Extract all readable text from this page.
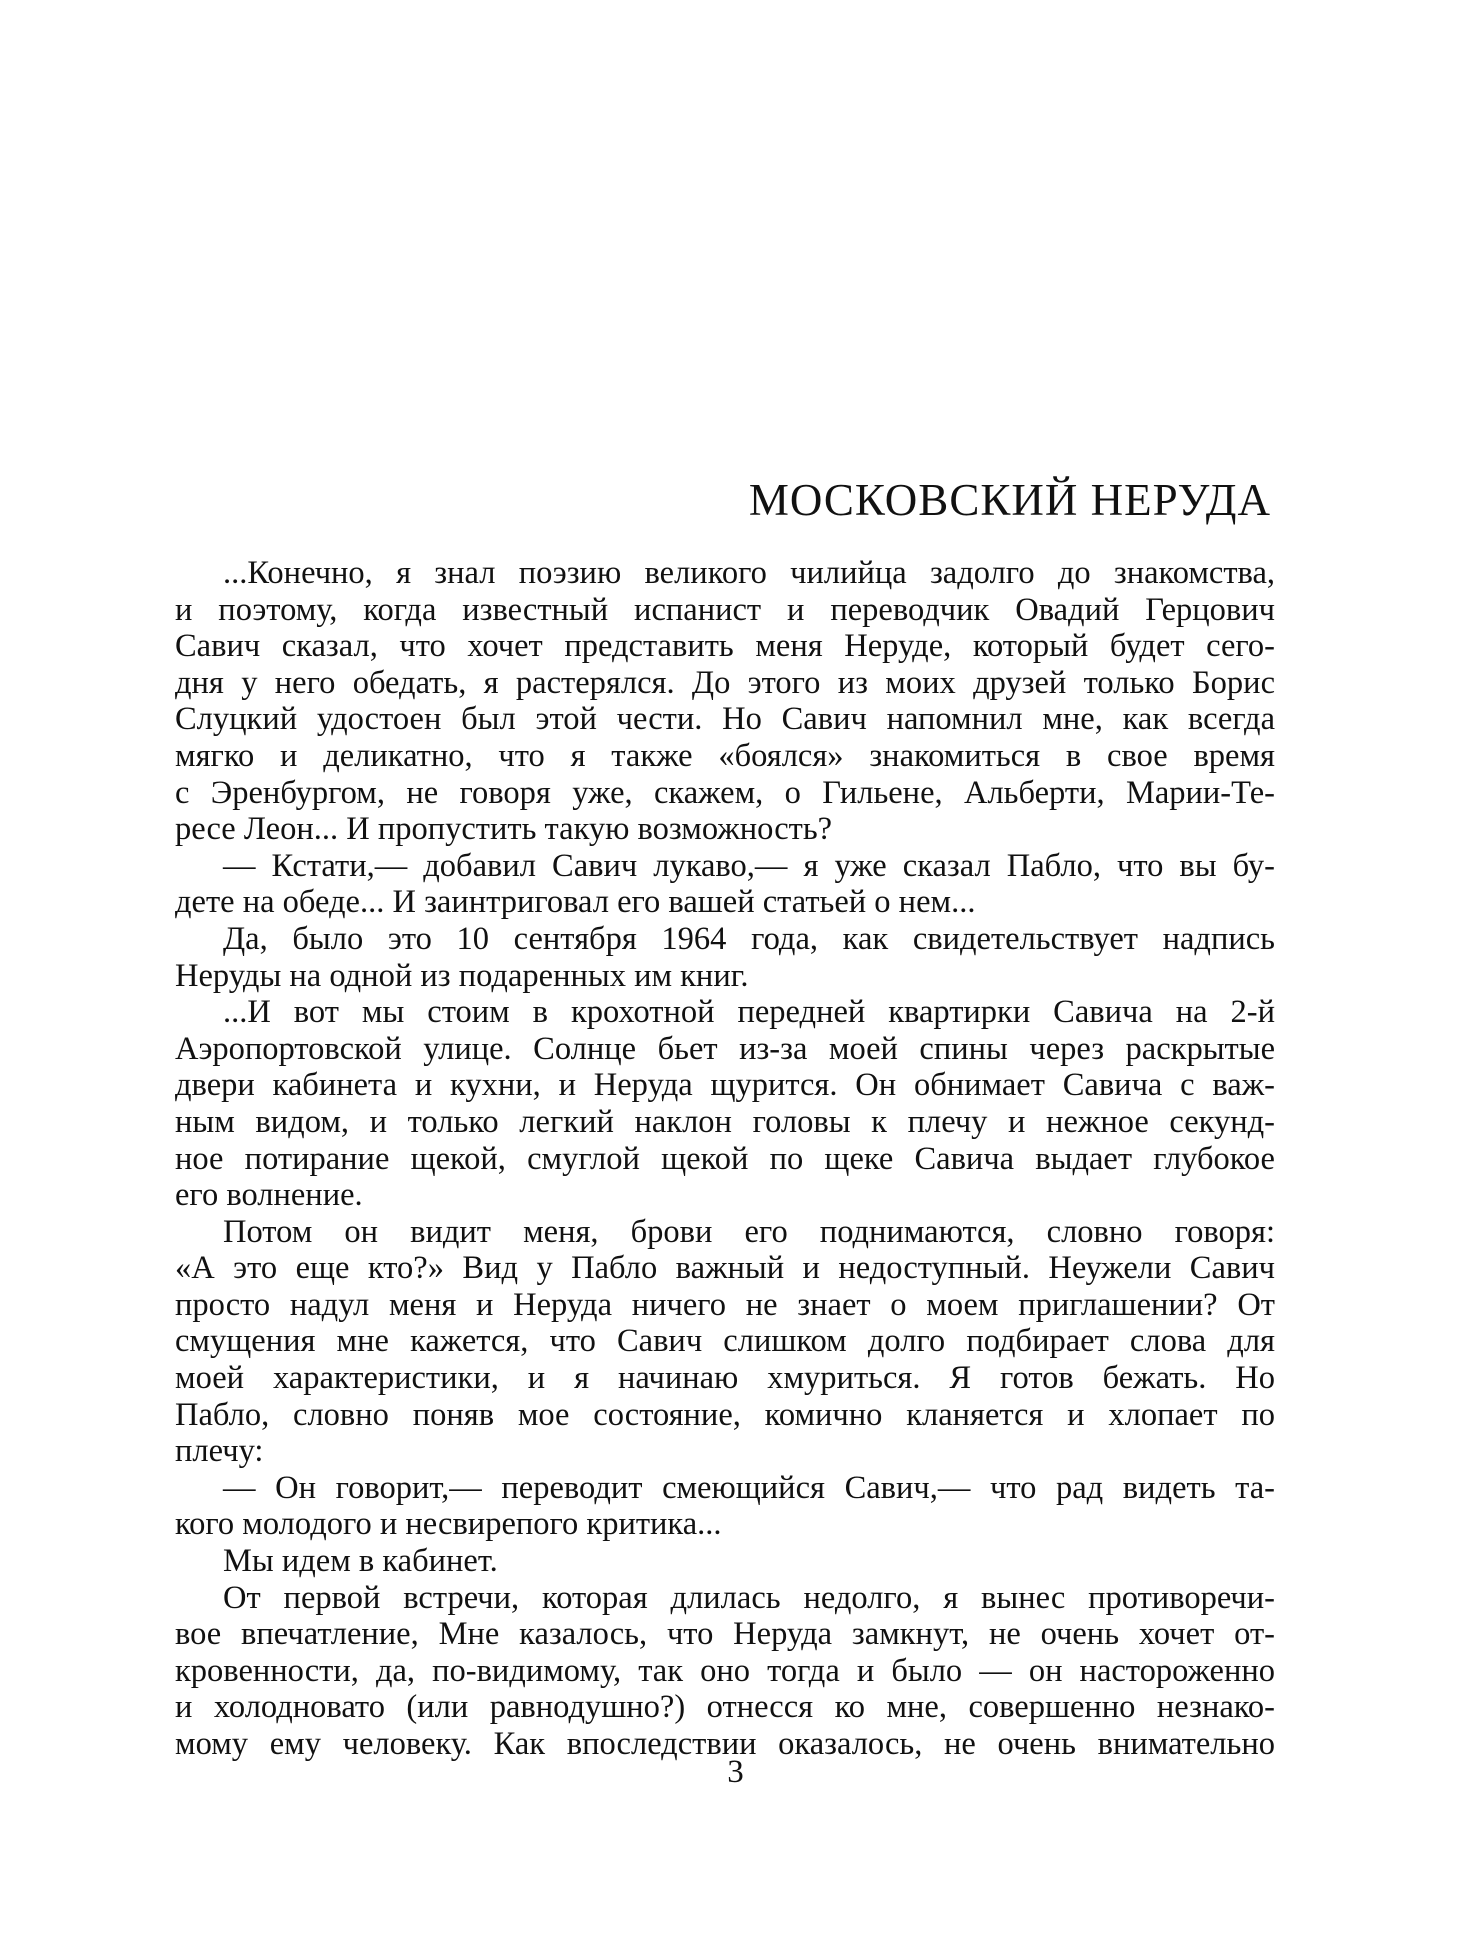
МОСКОВСКИЙ НЕРУДА
...Конечно, я знал поэзию великого чилийца задолго до знакомства,
и поэтому, когда известный испанист и переводчик Овадий Герцович
Савич сказал, что хочет представить меня Неруде, который будет сего-
дня у него обедать, я растерялся. До этого из моих друзей только Борис
Слуцкий удостоен был этой чести. Но Савич напомнил мне, как всегда
мягко и деликатно, что я также «боялся» знакомиться в свое время
с Эренбургом, не говоря уже, скажем, о Гильене, Альберти, Марии-Те-
ресе Леон... И пропустить такую возможность?
— Кстати,— добавил Савич лукаво,— я уже сказал Пабло, что вы бу-
дете на обеде... И заинтриговал его вашей статьей о нем...
Да, было это 10 сентября 1964 года, как свидетельствует надпись
Неруды на одной из подаренных им книг.
...И вот мы стоим в крохотной передней квартирки Савича на 2-й
Аэропортовской улице. Солнце бьет из-за моей спины через раскрытые
двери кабинета и кухни, и Неруда щурится. Он обнимает Савича с важ-
ным видом, и только легкий наклон головы к плечу и нежное секунд-
ное потирание щекой, смуглой щекой по щеке Савича выдает глубокое
его волнение.
Потом он видит меня, брови его поднимаются, словно говоря:
«А это еще кто?» Вид у Пабло важный и недоступный. Неужели Савич
просто надул меня и Неруда ничего не знает о моем приглашении? От
смущения мне кажется, что Савич слишком долго подбирает слова для
моей характеристики, и я начинаю хмуриться. Я готов бежать. Но
Пабло, словно поняв мое состояние, комично кланяется и хлопает по
плечу:
— Он говорит,— переводит смеющийся Савич,— что рад видеть та-
кого молодого и несвирепого критика...
Мы идем в кабинет.
От первой встречи, которая длилась недолго, я вынес противоречи-
вое впечатление, Мне казалось, что Неруда замкнут, не очень хочет от-
кровенности, да, по-видимому, так оно тогда и было — он настороженно
и холодновато (или равнодушно?) отнесся ко мне, совершенно незнако-
мому ему человеку. Как впоследствии оказалось, не очень внимательно
3
